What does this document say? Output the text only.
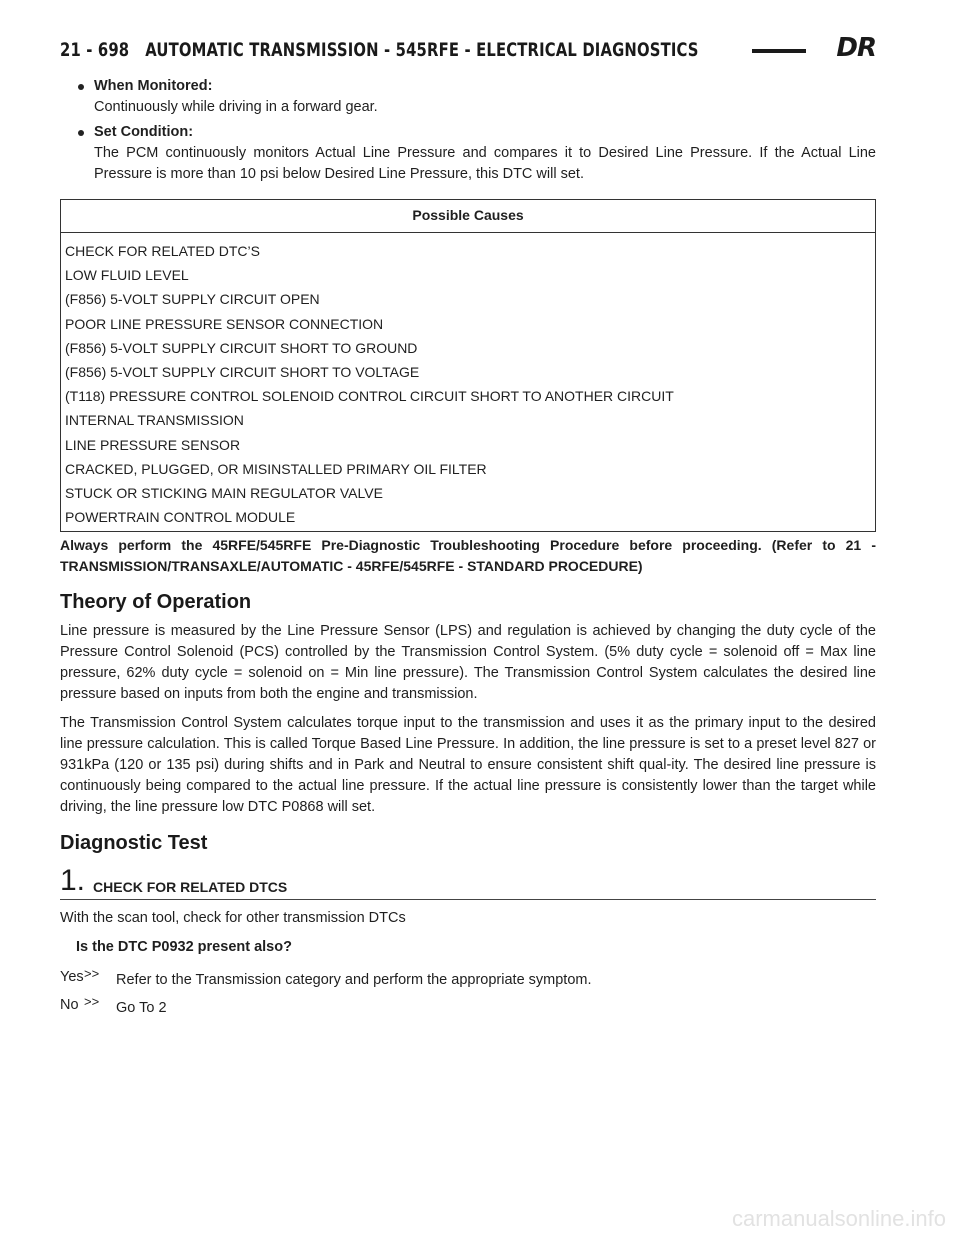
21 - 698 AUTOMATIC TRANSMISSION - 545RFE - ELECTRICAL DIAGNOSTICS	DR
When Monitored:
Continuously while driving in a forward gear.
Set Condition:
The PCM continuously monitors Actual Line Pressure and compares it to Desired Line Pressure. If the Actual Line Pressure is more than 10 psi below Desired Line Pressure, this DTC will set.
Possible Causes
CHECK FOR RELATED DTC’S
LOW FLUID LEVEL
(F856) 5-VOLT SUPPLY CIRCUIT OPEN
POOR LINE PRESSURE SENSOR CONNECTION
(F856) 5-VOLT SUPPLY CIRCUIT SHORT TO GROUND
(F856) 5-VOLT SUPPLY CIRCUIT SHORT TO VOLTAGE
(T118) PRESSURE CONTROL SOLENOID CONTROL CIRCUIT SHORT TO ANOTHER CIRCUIT
INTERNAL TRANSMISSION
LINE PRESSURE SENSOR
CRACKED, PLUGGED, OR MISINSTALLED PRIMARY OIL FILTER
STUCK OR STICKING MAIN REGULATOR VALVE
POWERTRAIN CONTROL MODULE
Always perform the 45RFE/545RFE Pre-Diagnostic Troubleshooting Procedure before proceeding. (Refer to 21 - TRANSMISSION/TRANSAXLE/AUTOMATIC - 45RFE/545RFE - STANDARD PROCEDURE)
Theory of Operation

Line pressure is measured by the Line Pressure Sensor (LPS) and regulation is achieved by changing the duty cycle of the Pressure Control Solenoid (PCS) controlled by the Transmission Control System. (5% duty cycle = solenoid off = Max line pressure, 62% duty cycle = solenoid on = Min line pressure). The Transmission Control System calculates the desired line pressure based on inputs from both the engine and transmission.

The Transmission Control System calculates torque input to the transmission and uses it as the primary input to the desired line pressure calculation. This is called Torque Based Line Pressure. In addition, the line pressure is set to a preset level 827 or 931kPa (120 or 135 psi) during shifts and in Park and Neutral to ensure consistent shift qual-ity. The desired line pressure is continuously being compared to the actual line pressure. If the actual line pressure is consistently lower than the target while driving, the line pressure low DTC P0868 will set.

Diagnostic Test
1. CHECK FOR RELATED DTCS
With the scan tool, check for other transmission DTCs
Is the DTC P0932 present also?
Yes >>	Refer to the Transmission category and perform the appropriate symptom.
No >>	Go To 2
carmanualsonline.info
